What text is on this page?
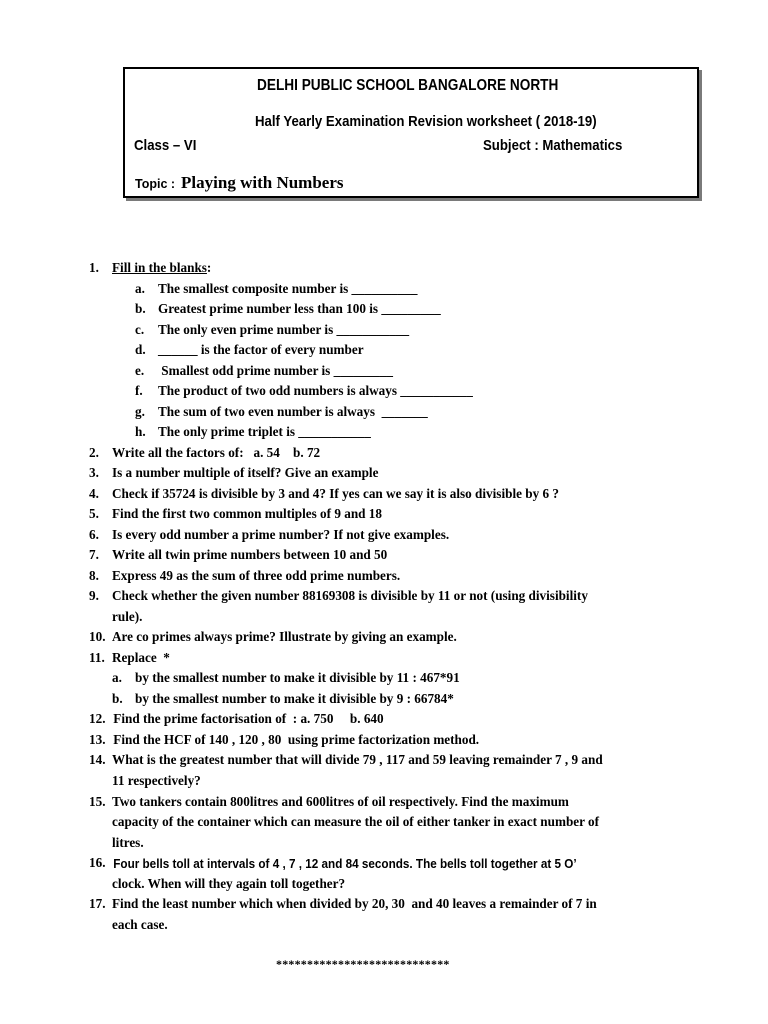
DELHI PUBLIC SCHOOL BANGALORE NORTH
Half Yearly Examination Revision worksheet ( 2018-19)
Class – VI	Subject : Mathematics
Topic : Playing with Numbers
1. Fill in the blanks:
a. The smallest composite number is __________
b. Greatest prime number less than 100 is _________
c. The only even prime number is ___________
d. ______ is the factor of every number
e. Smallest odd prime number is _________
f. The product of two odd numbers is always ___________
g. The sum of two even number is always  _______
h. The only prime triplet is ___________
2. Write all the factors of:   a. 54    b. 72
3. Is a number multiple of itself? Give an example
4. Check if 35724 is divisible by 3 and 4? If yes can we say it is also divisible by 6 ?
5. Find the first two common multiples of 9 and 18
6. Is every odd number a prime number? If not give examples.
7. Write all twin prime numbers between 10 and 50
8. Express 49 as the sum of three odd prime numbers.
9. Check whether the given number 88169308 is divisible by 11 or not (using divisibility
rule).
10. Are co primes always prime? Illustrate by giving an example.
11. Replace  *
a. by the smallest number to make it divisible by 11 : 467*91
b. by the smallest number to make it divisible by 9 : 66784*
12. Find the prime factorisation of  : a. 750     b. 640
13. Find the HCF of 140 , 120 , 80  using prime factorization method.
14. What is the greatest number that will divide 79 , 117 and 59 leaving remainder 7 , 9 and
11 respectively?
15. Two tankers contain 800litres and 600litres of oil respectively. Find the maximum
capacity of the container which can measure the oil of either tanker in exact number of
litres.
16. Four bells toll at intervals of 4 , 7 , 12 and 84 seconds. The bells toll together at 5 O’
clock. When will they again toll together?
17. Find the least number which when divided by 20, 30  and 40 leaves a remainder of 7 in
each case.
****************************
